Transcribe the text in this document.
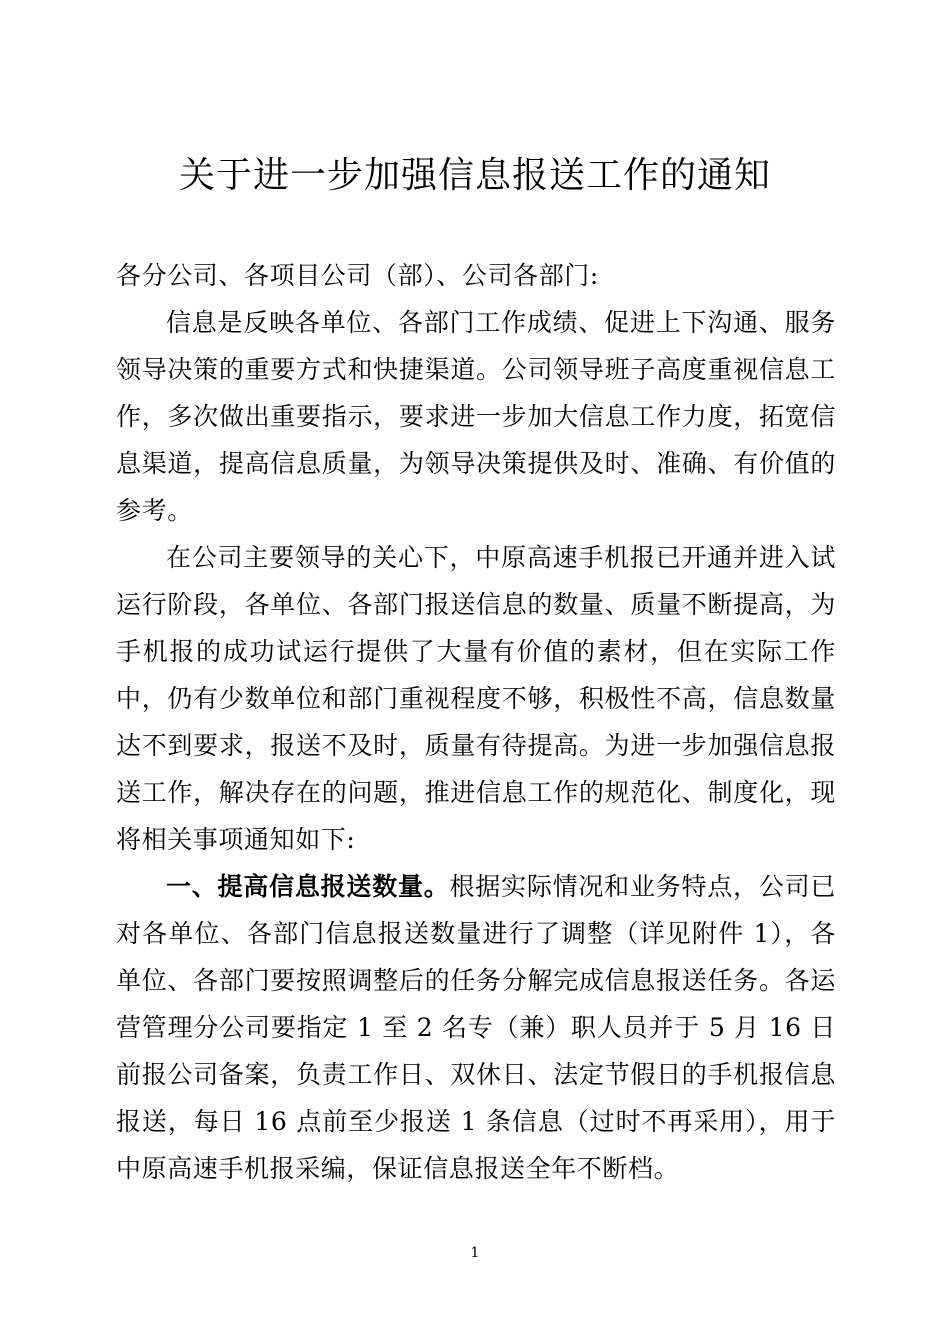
关于进一步加强信息报送工作的通知

各分公司、各项目公司（部）、公司各部门:

信息是反映各单位、各部门工作成绩、促进上下沟通、服务领导决策的重要方式和快捷渠道。公司领导班子高度重视信息工作，多次做出重要指示，要求进一步加大信息工作力度，拓宽信息渠道，提高信息质量，为领导决策提供及时、准确、有价值的参考。

在公司主要领导的关心下，中原高速手机报已开通并进入试运行阶段，各单位、各部门报送信息的数量、质量不断提高，为手机报的成功试运行提供了大量有价值的素材，但在实际工作中，仍有少数单位和部门重视程度不够，积极性不高，信息数量达不到要求，报送不及时，质量有待提高。为进一步加强信息报送工作，解决存在的问题，推进信息工作的规范化、制度化，现将相关事项通知如下:

一、提高信息报送数量。根据实际情况和业务特点，公司已对各单位、各部门信息报送数量进行了调整（详见附件 1），各单位、各部门要按照调整后的任务分解完成信息报送任务。各运营管理分公司要指定 1 至 2 名专（兼）职人员并于 5 月 16 日前报公司备案，负责工作日、双休日、法定节假日的手机报信息报送，每日 16 点前至少报送 1 条信息（过时不再采用），用于中原高速手机报采编，保证信息报送全年不断档。

1
